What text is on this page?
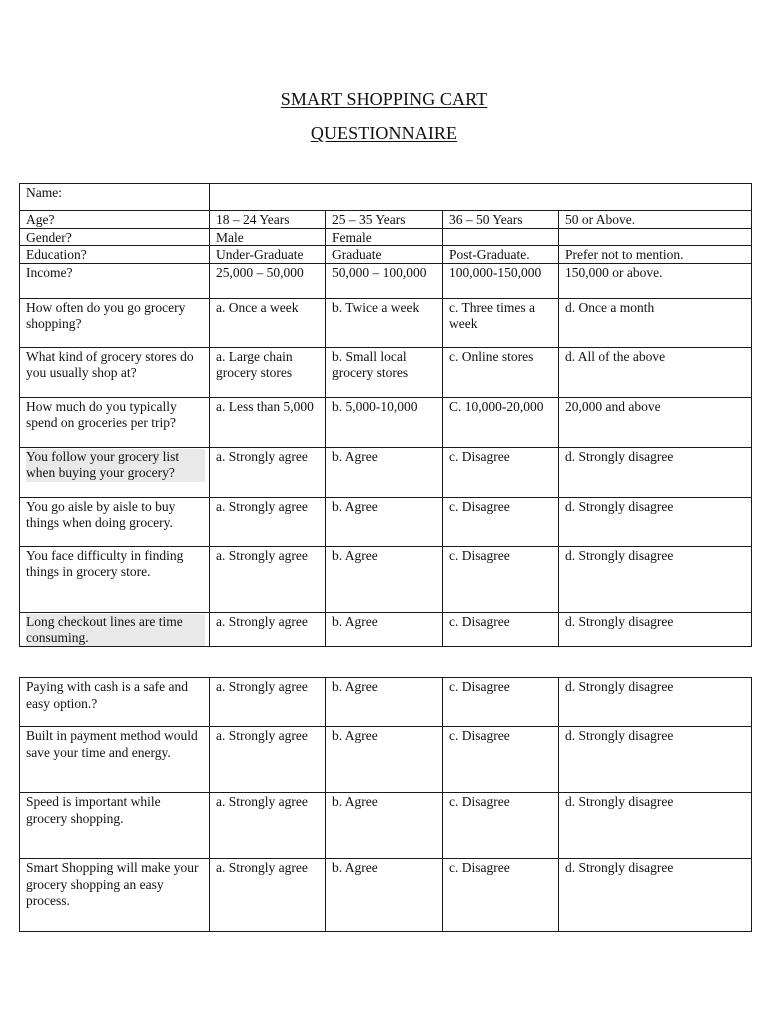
SMART SHOPPING CART
QUESTIONNAIRE
Name:				

Age?	18 – 24 Years	25 – 35 Years	36 – 50 Years	50 or Above.

Gender?	Male	Female		

Education?	Under-Graduate	Graduate	Post-Graduate.	Prefer not to mention.

Income?	25,000 – 50,000	50,000 – 100,000	100,000-150,000	150,000 or above.

How often do you go grocery shopping?	a. Once a week	b. Twice a week	c. Three times a week	d. Once a month

What kind of grocery stores do you usually shop at?	a. Large chain grocery stores	b. Small local grocery stores	c. Online stores	d. All of the above

How much do you typically spend on groceries per trip?	a. Less than 5,000	b. 5,000-10,000	C. 10,000-20,000	20,000 and above

You follow your grocery list when buying your grocery?	a. Strongly agree	b. Agree	c. Disagree	d. Strongly disagree

You go aisle by aisle to buy things when doing grocery.	a. Strongly agree	b. Agree	c. Disagree	d. Strongly disagree

You face difficulty in finding things in grocery store.	a. Strongly agree	b. Agree	c. Disagree	d. Strongly disagree

Long checkout lines are time consuming.	a. Strongly agree	b. Agree	c. Disagree	d. Strongly disagree
Paying with cash is a safe and easy option.?	a. Strongly agree	b. Agree	c. Disagree	d. Strongly disagree

Built in payment method would save your time and energy.	a. Strongly agree	b. Agree	c. Disagree	d. Strongly disagree

Speed is important while grocery shopping.	a. Strongly agree	b. Agree	c. Disagree	d. Strongly disagree

Smart Shopping will make your grocery shopping an easy process.	a. Strongly agree	b. Agree	c. Disagree	d. Strongly disagree
